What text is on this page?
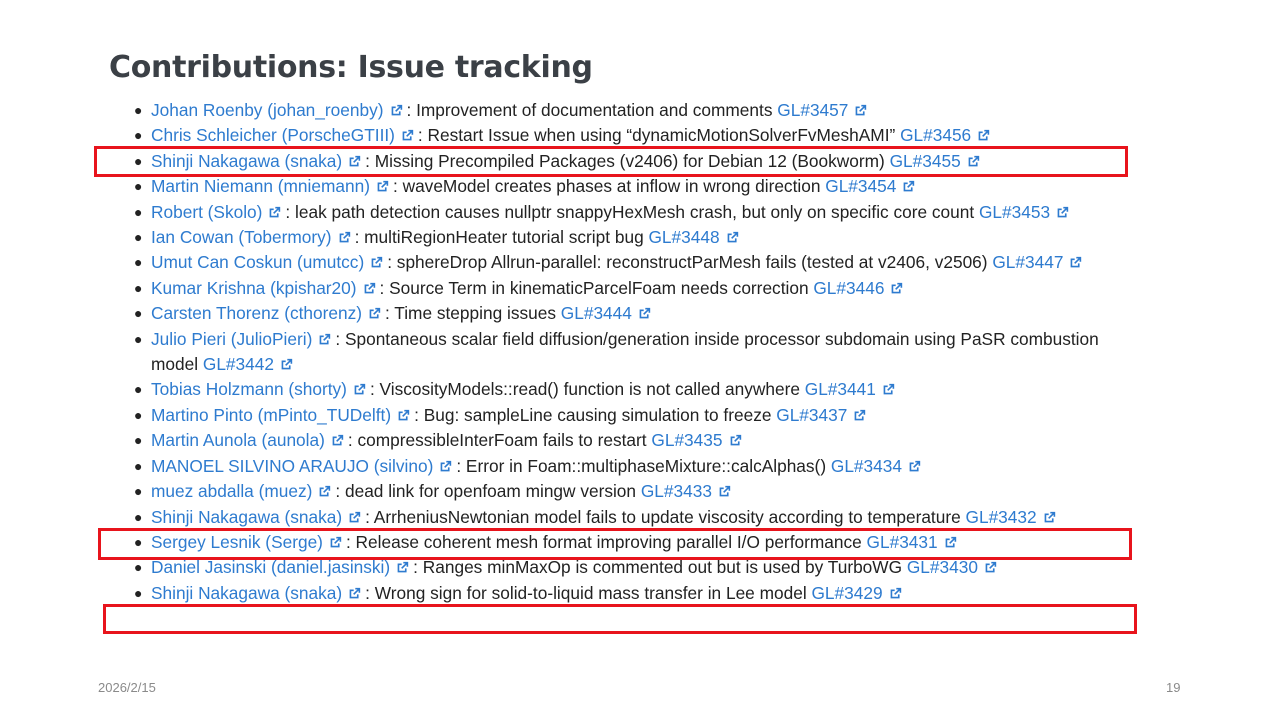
Contributions: Issue tracking
● Johan Roenby (johan_roenby) : Improvement of documentation and comments GL#3457
● Chris Schleicher (PorscheGTIII) : Restart Issue when using “dynamicMotionSolverFvMeshAMI” GL#3456
● Shinji Nakagawa (snaka) : Missing Precompiled Packages (v2406) for Debian 12 (Bookworm) GL#3455
● Martin Niemann (mniemann) : waveModel creates phases at inflow in wrong direction GL#3454
● Robert (Skolo) : leak path detection causes nullptr snappyHexMesh crash, but only on specific core count GL#3453
● Ian Cowan (Tobermory) : multiRegionHeater tutorial script bug GL#3448
● Umut Can Coskun (umutcc) : sphereDrop Allrun-parallel: reconstructParMesh fails (tested at v2406, v2506) GL#3447
● Kumar Krishna (kpishar20) : Source Term in kinematicParcelFoam needs correction GL#3446
● Carsten Thorenz (cthorenz) : Time stepping issues GL#3444
● Julio Pieri (JulioPieri) : Spontaneous scalar field diffusion/generation inside processor subdomain using PaSR combustion model GL#3442
● Tobias Holzmann (shorty) : ViscosityModels::read() function is not called anywhere GL#3441
● Martino Pinto (mPinto_TUDelft) : Bug: sampleLine causing simulation to freeze GL#3437
● Martin Aunola (aunola) : compressibleInterFoam fails to restart GL#3435
● MANOEL SILVINO ARAUJO (silvino) : Error in Foam::multiphaseMixture::calcAlphas() GL#3434
● muez abdalla (muez) : dead link for openfoam mingw version GL#3433
● Shinji Nakagawa (snaka) : ArrheniusNewtonian model fails to update viscosity according to temperature GL#3432
● Sergey Lesnik (Serge) : Release coherent mesh format improving parallel I/O performance GL#3431
● Daniel Jasinski (daniel.jasinski) : Ranges minMaxOp is commented out but is used by TurboWG GL#3430
● Shinji Nakagawa (snaka) : Wrong sign for solid-to-liquid mass transfer in Lee model GL#3429
2026/2/15	19
